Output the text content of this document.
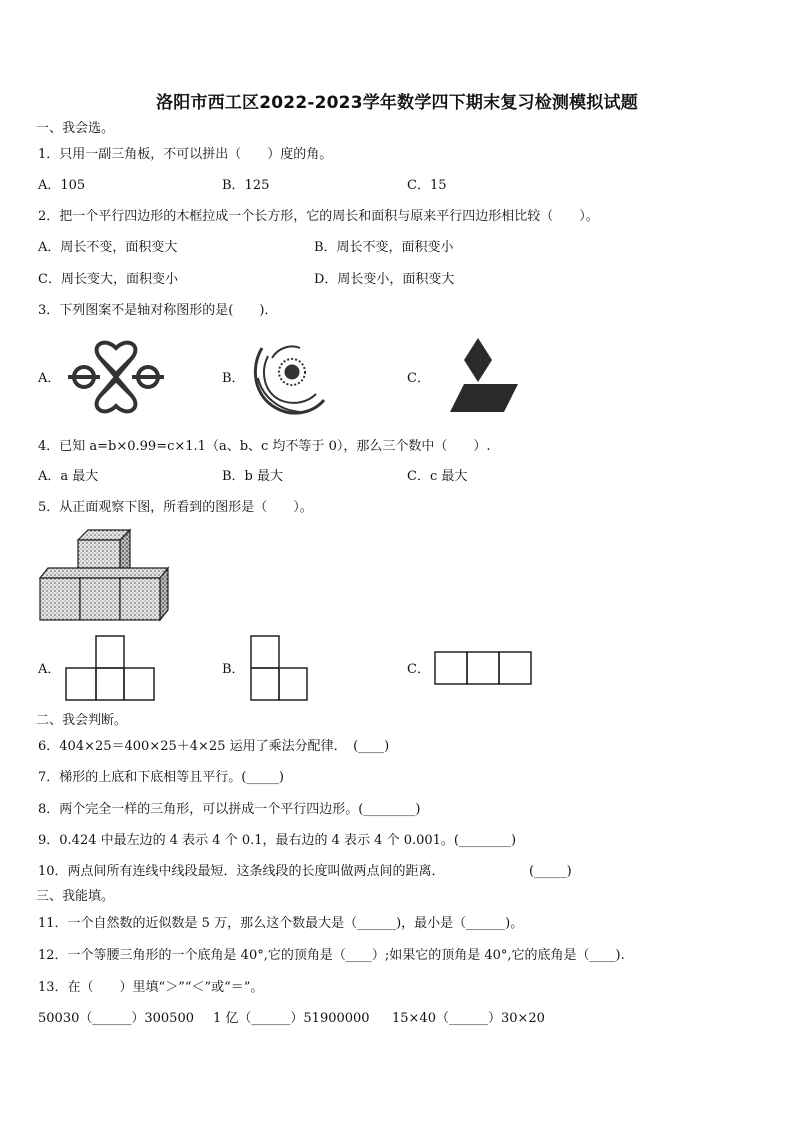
洛阳市西工区2022-2023学年数学四下期末复习检测模拟试题
一、我会选。
1．只用一副三角板，不可以拼出（　　）度的角。
A．105	B．125	C．15
2．把一个平行四边形的木框拉成一个长方形，它的周长和面积与原来平行四边形相比较（　　）。
A．周长不变，面积变大	B．周长不变，面积变小
C．周长变大，面积变小	D．周长变小，面积变大
3．下列图案不是轴对称图形的是(　　)．
A．	B．	C．
4．已知 a=b×0.99=c×1.1（a、b、c 均不等于 0），那么三个数中（　　）.
A．a 最大	B．b 最大	C．c 最大
5．从正面观察下图，所看到的图形是（　　）。
A．	B．	C．
二、我会判断。
6．404×25＝400×25＋4×25 运用了乘法分配律．　(____)
7．梯形的上底和下底相等且平行。(_____)
8．两个完全一样的三角形，可以拼成一个平行四边形。(________)
9．0.424 中最左边的 4 表示 4 个 0.1，最右边的 4 表示 4 个 0.001。(________)
10．两点间所有连线中线段最短．这条线段的长度叫做两点间的距离．	(_____)
三、我能填。
11．一个自然数的近似数是 5 万，那么这个数最大是（______)，最小是（______)。
12．一个等腰三角形的一个底角是 40°,它的顶角是（____）;如果它的顶角是 40°,它的底角是（____).
13．在（　　）里填“＞”“＜”或“＝”。
50030（______）300500 1 亿（______）51900000 15×40（______）30×20
